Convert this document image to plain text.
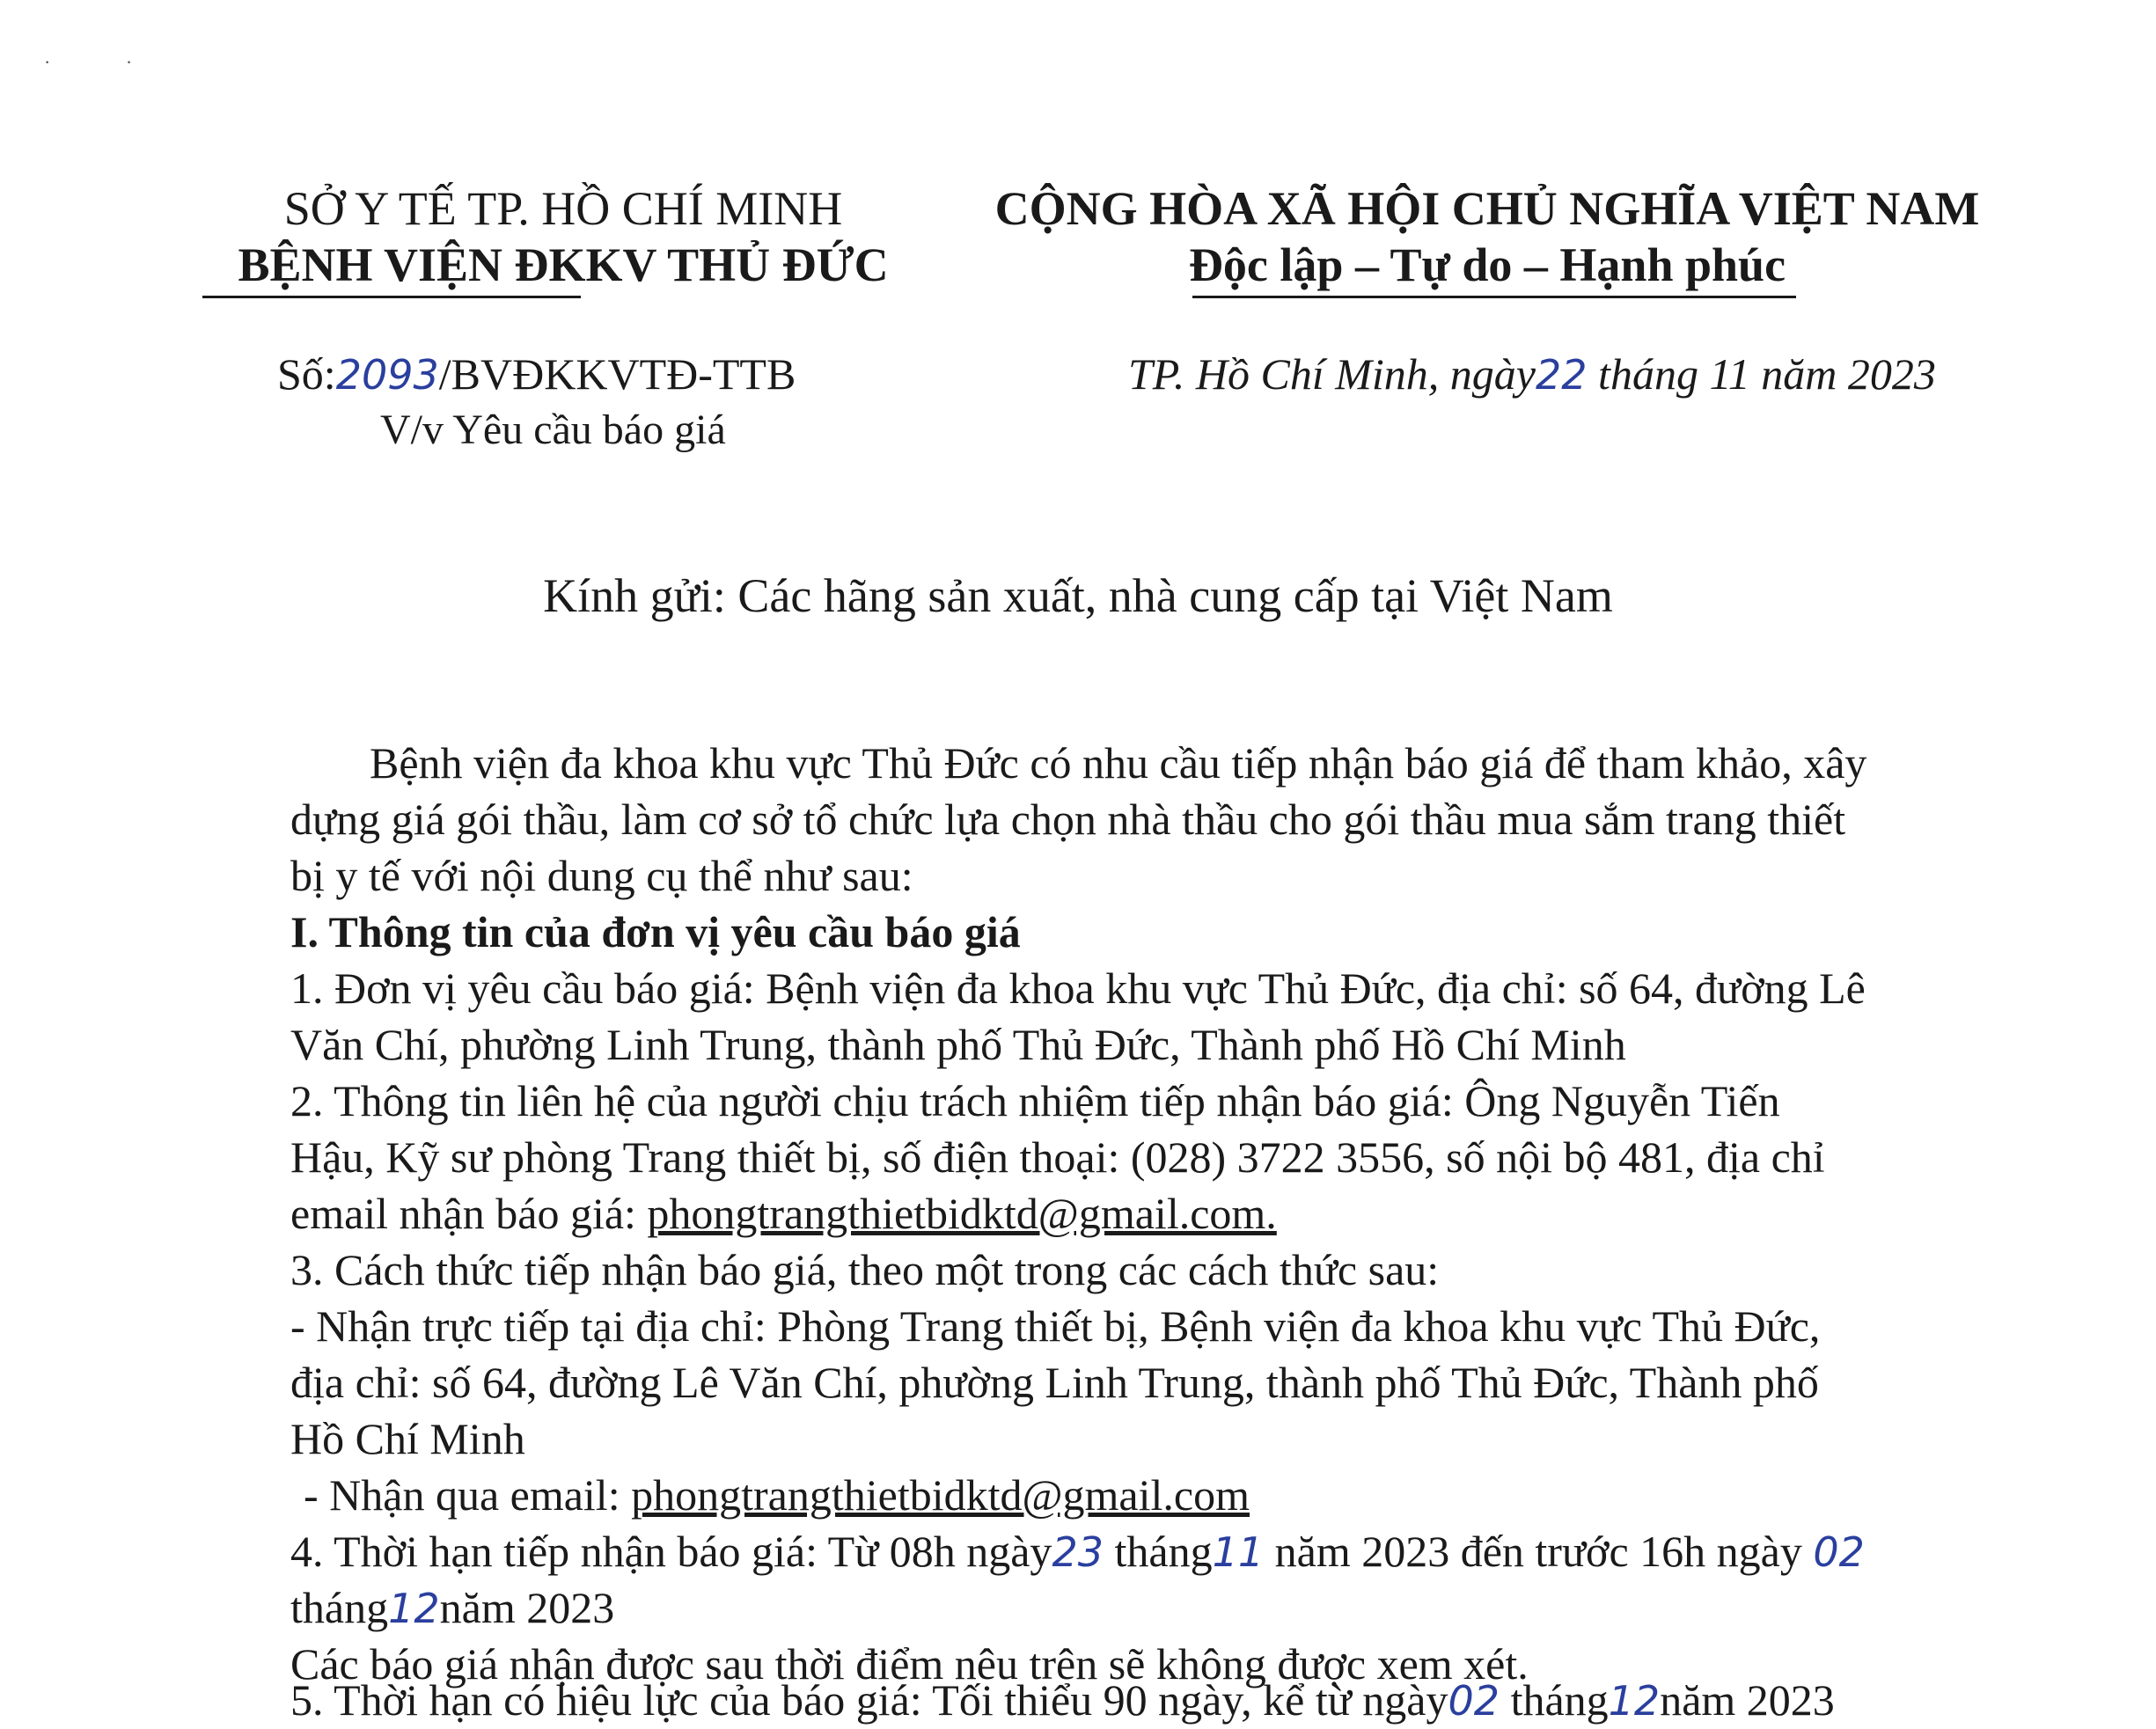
· ·
SỞ Y TẾ TP. HỒ CHÍ MINH
BỆNH VIỆN ĐKKV THỦ ĐỨC
CỘNG HÒA XÃ HỘI CHỦ NGHĨA VIỆT NAM
Độc lập – Tự do – Hạnh phúc
Số:2093/BVĐKKVTĐ-TTB
V/v Yêu cầu báo giá
TP. Hồ Chí Minh, ngày22 tháng 11 năm 2023
Kính gửi: Các hãng sản xuất, nhà cung cấp tại Việt Nam
Bệnh viện đa khoa khu vực Thủ Đức có nhu cầu tiếp nhận báo giá để tham khảo, xây
dựng giá gói thầu, làm cơ sở tổ chức lựa chọn nhà thầu cho gói thầu mua sắm trang thiết
bị y tế với nội dung cụ thể như sau:
I. Thông tin của đơn vị yêu cầu báo giá
1. Đơn vị yêu cầu báo giá: Bệnh viện đa khoa khu vực Thủ Đức, địa chỉ: số 64, đường Lê
Văn Chí, phường Linh Trung, thành phố Thủ Đức, Thành phố Hồ Chí Minh
2. Thông tin liên hệ của người chịu trách nhiệm tiếp nhận báo giá: Ông Nguyễn Tiến
Hậu, Kỹ sư phòng Trang thiết bị, số điện thoại: (028) 3722 3556, số nội bộ 481, địa chỉ
email nhận báo giá: phongtrangthietbidktd@gmail.com.
3. Cách thức tiếp nhận báo giá, theo một trong các cách thức sau:
- Nhận trực tiếp tại địa chỉ: Phòng Trang thiết bị, Bệnh viện đa khoa khu vực Thủ Đức,
địa chỉ: số 64, đường Lê Văn Chí, phường Linh Trung, thành phố Thủ Đức, Thành phố
Hồ Chí Minh
- Nhận qua email: phongtrangthietbidktd@gmail.com
4. Thời hạn tiếp nhận báo giá: Từ 08h ngày23 tháng11 năm 2023 đến trước 16h ngày 02
tháng12năm 2023
Các báo giá nhận được sau thời điểm nêu trên sẽ không được xem xét.
5. Thời hạn có hiệu lực của báo giá: Tối thiểu 90 ngày, kể từ ngày02 tháng12năm 2023
